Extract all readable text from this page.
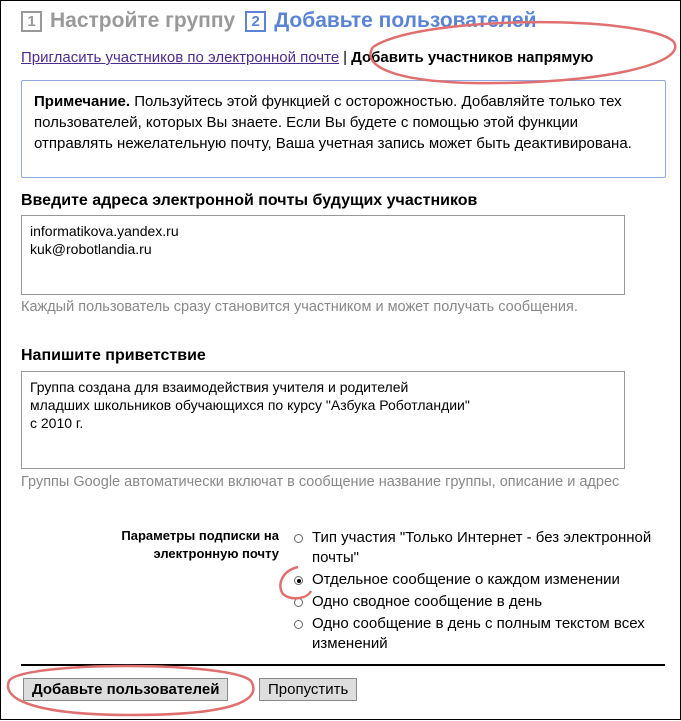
1 Настройте группу	2 Добавьте пользователей
Пригласить участников по электронной почте | Добавить участников напрямую
Примечание. Пользуйтесь этой функцией с осторожностью. Добавляйте только тех пользователей, которых Вы знаете. Если Вы будете с помощью этой функции отправлять нежелательную почту, Ваша учетная запись может быть деактивирована.
Введите адреса электронной почты будущих участников
informatikova.yandex.ru
kuk@robotlandia.ru
Каждый пользователь сразу становится участником и может получать сообщения.
Напишите приветствие
Группа создана для взаимодействия учителя и родителей
младших школьников обучающихся по курсу "Азбука Роботландии"
с 2010 г.
Группы Google автоматически включат в сообщение название группы, описание и адрес
Параметры подписки на электронную почту
Тип участия "Только Интернет - без электронной почты"
Отдельное сообщение о каждом изменении
Одно сводное сообщение в день
Одно сообщение в день с полным текстом всех изменений
Добавьте пользователей	Пропустить
